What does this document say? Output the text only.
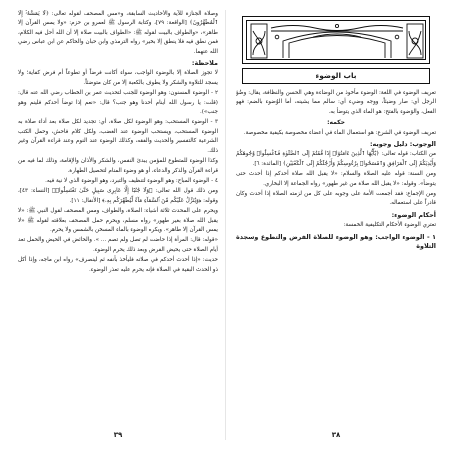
وصلاة الجنازة للآية والأحاديث السابقة، و«مس المصحف لقوله تعالى: ﴿لَّا يَمَسُّهُۥٓ إِلَّا ٱلْمُطَهَّرُونَ﴾ [الواقعة: ٧٩]، وكتابة الرسول ﷺ لعمرو بن حزم: «ولا يمس القرآن إلا طاهر»، «والطواف بالبيت لقوله ﷺ: «الطواف بالبيت صلاة إلا أن الله أحل فيه الكلام، فمن نطق فيه فلا ينطق إلا بخير» رواه الترمذي وابن حبان والحاكم عن ابن عباس رضي الله عنهما.

ملاحظة:

لا تجوز الصلاة إلا بالوضوء الواجب، سواء أكانت فرضاً أو تطوعاً أم فرض كفاية؛ ولا يسجد للتلاوة والشكر ولا يطوف بالكعبة إلا من كان متوضئاً.

٢ - الوضوء المسنون: وهو الوضوء للجنب لتحديث عمر بن الخطاب رضي الله عنه قال: (قلت: يا رسول الله أينام أحدنا وهو جنب؟ قال: «نعم إذا توضأ أحدكم فلينم وهو جنب»).

٣ - الوضوء المستحب: وهو الوضوء لكل صلاة، أي: تجديد لكل صلاة بعد أداء صلاة به الوضوء المستحب، ويستحب الوضوء عند الغضب، ولكل كلام فاحش، وحمل الكتب الشرعية كالتفسير والحديث والفقه، وكذلك الوضوء عند النوم وعند قراءة القرآن وغير ذلك.

وكذا الوضوء للمتطوع للمؤمن يبدئ النفس، والشكر والأذان والإقامة، وذلك لما فيه من قراءة القرآن والذكر والدعاء، أو هو وضوء المنام لتحصيل الطهارة.

٤ - الوضوء المباح: وهو الوضوء لتنظيف والتبرد، وهو الوضوء الذي لا نية فيه.

ومن ذلك قول الله تعالى: ﴿وَلَا جُنُبًا إِلَّا عَابِرِى سَبِيلٍ حَتَّىٰ تَغْتَسِلُوا۟﴾ [النساء: ٤٣]، وقوله: ﴿وَيُنَزِّلُ عَلَيْكُم مِّنَ ٱلسَّمَآءِ مَآءً لِّيُطَهِّرَكُم بِهِۦ﴾ [الأنفال: ١١].

ويحرم على المحدث ثلاثة أشياء: الصلاة، والطواف، ومس المصحف لقول النبي ﷺ: «لا يقبل الله صلاة بغير طهور» رواه مسلم، ويحرم حمل المصحف بعلاقته لقوله ﷺ «لا يمس القرآن إلا طاهر». ويكره الوضوء بالماء المسخن بالشمس ولا يحرم.

«قوله: قال: المرأة إذا حاضت لم تصل ولم تصم ... ». والحائض في الحيض والحمل تعد أيام الصلاة حتى يحيض الفرض وبعد ذلك يحرم الوضوء.

حديث: «إذا أحدث أحدكم في صلاته فليأخذ بأنفه ثم لينصرف» رواه ابن ماجه، وإذا أكل ذو الحدث البقية في الصلاة فإنه يحرم عليه تعذر الوضوء.

٣٩
باب الوضوء

تعريف الوضوء في اللغة: الوضوء مأخوذ من الوضاءة وهي الحسن والنظافة، يقال: وضُؤ الرجل أي: صار وضيئاً، ووجه وضيء أي: سالم مما يشينه، أما الوُضوء بالضم: فهو الفعل، والوَضوء بالفتح: هو الماء الذي يتوضأ به.

حكمه:

تعريف الوضوء في الشرع: هو استعمال الماء في أعضاء مخصوصة بكيفية مخصوصة.

الوجوب: دليل وجوبه:

من الكتاب: قوله تعالى: ﴿يَٰٓأَيُّهَا ٱلَّذِينَ ءَامَنُوٓا۟ إِذَا قُمْتُمْ إِلَى ٱلصَّلَوٰةِ فَٱغْسِلُوا۟ وُجُوهَكُمْ وَأَيْدِيَكُمْ إِلَى ٱلْمَرَافِقِ وَٱمْسَحُوا۟ بِرُءُوسِكُمْ وَأَرْجُلَكُمْ إِلَى ٱلْكَعْبَيْنِ﴾ [المائدة: ٦].

ومن السنة: قوله عليه الصلاة والسلام: «لا يقبل الله صلاة أحدكم إذا أحدث حتى يتوضأ». وقوله: «لا يقبل الله صلاة من غير طهور» رواه الجماعة إلا البخاري.

ومن الإجماع: فقد أجمعت الأمة على وجوبه على كل من لزمته الصلاة إذا أحدث وكان قادراً على استعماله.

أحكام الوضوء:

تعتري الوضوء الأحكام التكليفية الخمسة:

١ - الوضوء الواجب: وهو الوضوء للصلاة الفرض والتطوع وسجدة التلاوة

٣٨
